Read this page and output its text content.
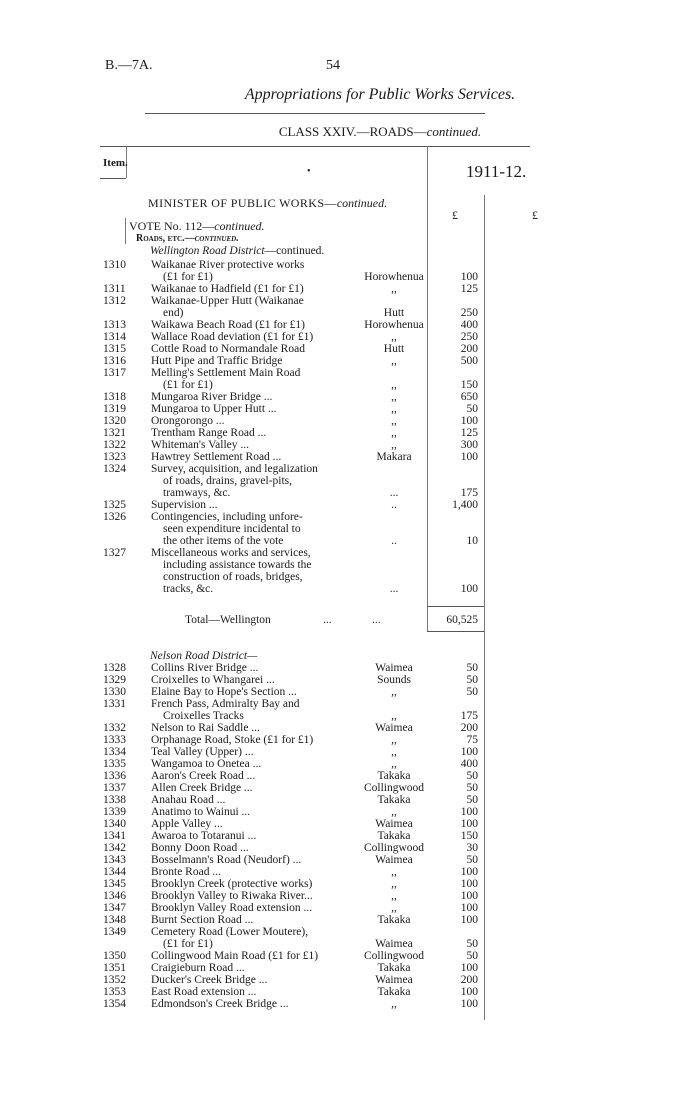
B.—7A.	54
Appropriations for Public Works Services.
CLASS XXIV.—ROADS—continued.
Item.
•	1911-12.
MINISTER OF PUBLIC WORKS—continued.
£	£
VOTE No. 112—continued.
Roads, etc.—continued.
Wellington Road District—continued.
1310 Waikanae River protective works
(£1 for £1)	Horowhenua	100
1311 Waikanae to Hadfield (£1 for £1)	,,	125
1312 Waikanae-Upper Hutt (Waikanae
end)	Hutt	250
1313 Waikawa Beach Road (£1 for £1)	Horowhenua	400
1314 Wallace Road deviation (£1 for £1)	,,	250
1315 Cottle Road to Normandale Road	Hutt	200
1316 Hutt Pipe and Traffic Bridge	,,	500
1317 Melling's Settlement Main Road
(£1 for £1)	,,	150
1318 Mungaroa River Bridge ...	,,	650
1319 Mungaroa to Upper Hutt ...	,,	50
1320 Orongorongo ...	,,	100
1321 Trentham Range Road ...	,,	125
1322 Whiteman's Valley ...	,,	300
1323 Hawtrey Settlement Road ...	Makara	100
1324 Survey, acquisition, and legalization
of roads, drains, gravel-pits,
tramways, &c.	...	175
1325 Supervision ...	..	1,400
1326 Contingencies, including unfore-
seen expenditure incidental to
the other items of the vote	..	10
1327 Miscellaneous works and services,
including assistance towards the
construction of roads, bridges,
tracks, &c.	...	100
Total—Wellington	...	...	60,525
Nelson Road District—
1328 Collins River Bridge ...	Waimea	50
1329 Croixelles to Whangarei ...	Sounds	50
1330 Elaine Bay to Hope's Section ...	,,	50
1331 French Pass, Admiralty Bay and
Croixelles Tracks	,,	175
1332 Nelson to Rai Saddle ...	Waimea	200
1333 Orphanage Road, Stoke (£1 for £1)	,,	75
1334 Teal Valley (Upper) ...	,,	100
1335 Wangamoa to Onetea ...	,,	400
1336 Aaron's Creek Road ...	Takaka	50
1337 Allen Creek Bridge ...	Collingwood	50
1338 Anahau Road ...	Takaka	50
1339 Anatimo to Wainui ...	,,	100
1340 Apple Valley ...	Waimea	100
1341 Awaroa to Totaranui ...	Takaka	150
1342 Bonny Doon Road ...	Collingwood	30
1343 Bosselmann's Road (Neudorf) ...	Waimea	50
1344 Bronte Road ...	,,	100
1345 Brooklyn Creek (protective works)	,,	100
1346 Brooklyn Valley to Riwaka River...	,,	100
1347 Brooklyn Valley Road extension ...	,,	100
1348 Burnt Section Road ...	Takaka	100
1349 Cemetery Road (Lower Moutere),
(£1 for £1)	Waimea	50
1350 Collingwood Main Road (£1 for £1)	Collingwood	50
1351 Craigieburn Road ...	Takaka	100
1352 Ducker's Creek Bridge ...	Waimea	200
1353 East Road extension ...	Takaka	100
1354 Edmondson's Creek Bridge ...	,,	100
